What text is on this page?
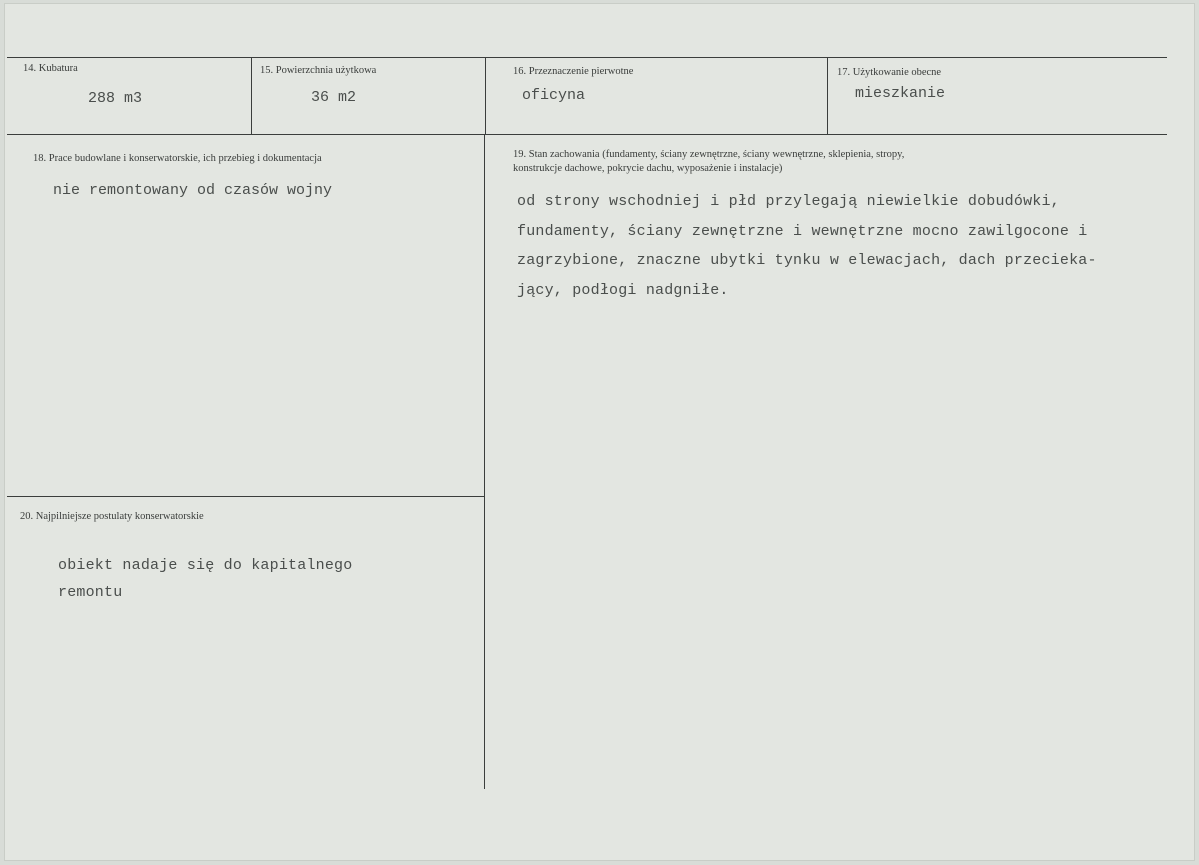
14. Kubatura
288 m3
15. Powierzchnia użytkowa
36 m2
16. Przeznaczenie pierwotne
oficyna
17. Użytkowanie obecne
mieszkanie
18. Prace budowlane i konserwatorskie, ich przebieg i dokumentacja
nie remontowany od czasów wojny
19. Stan zachowania (fundamenty, ściany zewnętrzne, ściany wewnętrzne, sklepienia, stropy,
konstrukcje dachowe, pokrycie dachu, wyposażenie i instalacje)
od strony wschodniej i płd przylegają niewielkie dobudówki,
fundamenty, ściany zewnętrzne i wewnętrzne mocno zawilgocone i
zagrzybione, znaczne ubytki tynku w elewacjach, dach przecieka-
jący, podłogi nadgniłe.
20. Najpilniejsze postulaty konserwatorskie
obiekt nadaje się do kapitalnego
remontu
